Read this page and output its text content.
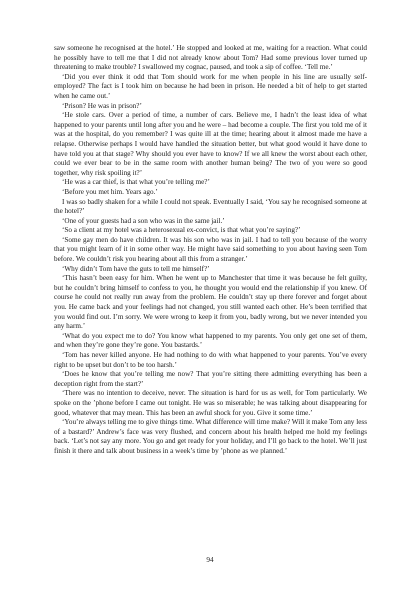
saw someone he recognised at the hotel.’ He stopped and looked at me, waiting for a reaction. What could he possibly have to tell me that I did not already know about Tom? Had some previous lover turned up threatening to make trouble? I swallowed my cognac, paused, and took a sip of coffee. ‘Tell me.’

‘Did you ever think it odd that Tom should work for me when people in his line are usually self-employed? The fact is I took him on because he had been in prison. He needed a bit of help to get started when he came out.’

‘Prison? He was in prison?’

‘He stole cars. Over a period of time, a number of cars. Believe me, I hadn’t the least idea of what happened to your parents until long after you and he were – had become a couple. The first you told me of it was at the hospital, do you remember? I was quite ill at the time; hearing about it almost made me have a relapse. Otherwise perhaps I would have handled the situation better, but what good would it have done to have told you at that stage? Why should you ever have to know? If we all knew the worst about each other, could we ever bear to be in the same room with another human being? The two of you were so good together, why risk spoiling it?’

‘He was a car thief, is that what you’re telling me?’

‘Before you met him. Years ago.’

I was so badly shaken for a while I could not speak. Eventually I said, ‘You say he recognised someone at the hotel?’

‘One of your guests had a son who was in the same jail.’

‘So a client at my hotel was a heterosexual ex-convict, is that what you’re saying?’

‘Some gay men do have children. It was his son who was in jail. I had to tell you because of the worry that you might learn of it in some other way. He might have said something to you about having seen Tom before. We couldn’t risk you hearing about all this from a stranger.’

‘Why didn’t Tom have the guts to tell me himself?’

‘This hasn’t been easy for him. When he went up to Manchester that time it was because he felt guilty, but he couldn’t bring himself to confess to you, he thought you would end the relationship if you knew. Of course he could not really run away from the problem. He couldn’t stay up there forever and forget about you. He came back and your feelings had not changed, you still wanted each other. He’s been terrified that you would find out. I’m sorry. We were wrong to keep it from you, badly wrong, but we never intended you any harm.’

‘What do you expect me to do? You know what happened to my parents. You only get one set of them, and when they’re gone they’re gone. You bastards.’

‘Tom has never killed anyone. He had nothing to do with what happened to your parents. You’ve every right to be upset but don’t to be too harsh.’

‘Does he know that you’re telling me now? That you’re sitting there admitting everything has been a deception right from the start?’

‘There was no intention to deceive, never. The situation is hard for us as well, for Tom particularly. We spoke on the ’phone before I came out tonight. He was so miserable; he was talking about disappearing for good, whatever that may mean. This has been an awful shock for you. Give it some time.’

‘You’re always telling me to give things time. What difference will time make? Will it make Tom any less of a bastard?’ Andrew’s face was very flushed, and concern about his health helped me hold my feelings back. ‘Let’s not say any more. You go and get ready for your holiday, and I’ll go back to the hotel. We’ll just finish it there and talk about business in a week’s time by ’phone as we planned.’

94
